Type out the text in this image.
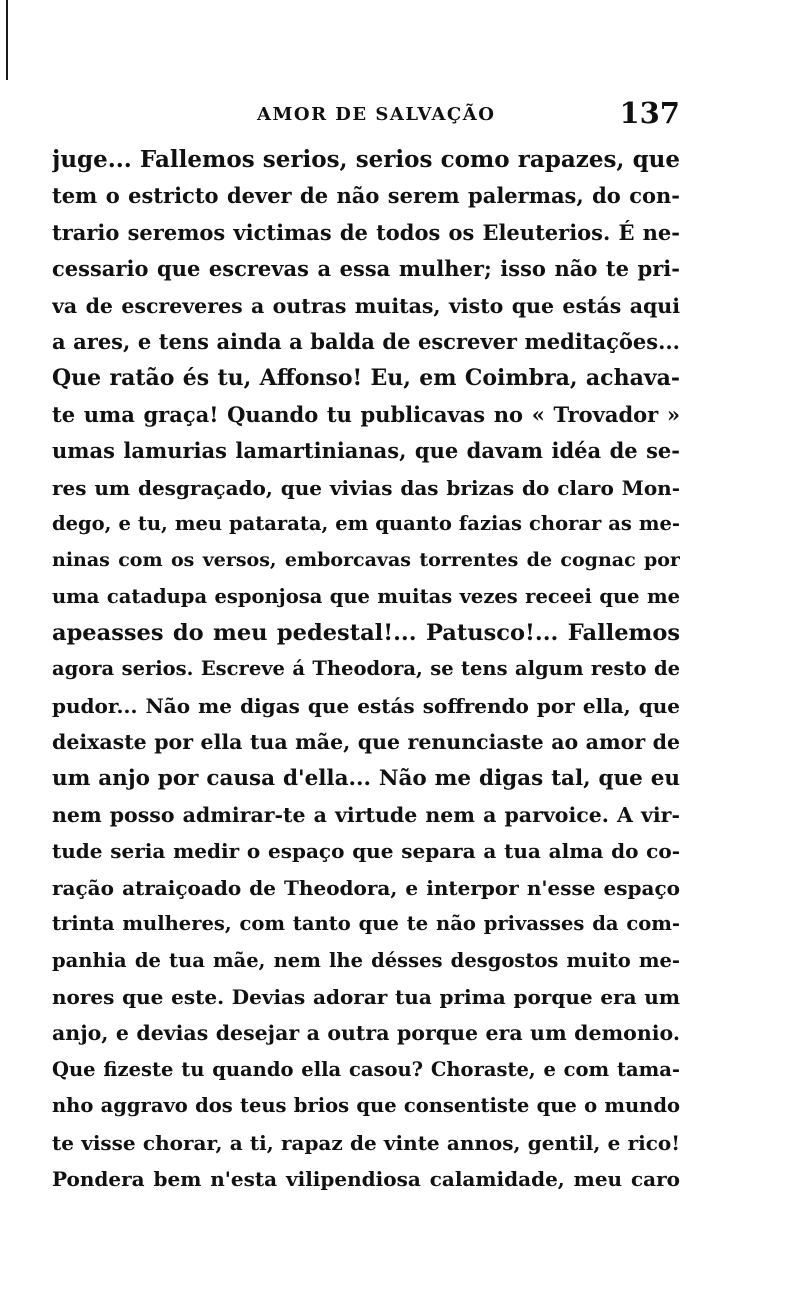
AMOR DE SALVAÇÃO	137
juge... Fallemos serios, serios como rapazes, que
tem o estricto dever de não serem palermas, do con-
trario seremos victimas de todos os Eleuterios. É ne-
cessario que escrevas a essa mulher; isso não te pri-
va de escreveres a outras muitas, visto que estás aqui
a ares, e tens ainda a balda de escrever meditações...
Que ratão és tu, Affonso! Eu, em Coimbra, achava-
te uma graça! Quando tu publicavas no « Trovador »
umas lamurias lamartinianas, que davam idéa de se-
res um desgraçado, que vivias das brizas do claro Mon-
dego, e tu, meu patarata, em quanto fazias chorar as me-
ninas com os versos, emborcavas torrentes de cognac por
uma catadupa esponjosa que muitas vezes receei que me
apeasses do meu pedestal!... Patusco!... Fallemos
agora serios. Escreve á Theodora, se tens algum resto de
pudor... Não me digas que estás soffrendo por ella, que
deixaste por ella tua mãe, que renunciaste ao amor de
um anjo por causa d'ella... Não me digas tal, que eu
nem posso admirar-te a virtude nem a parvoice. A vir-
tude seria medir o espaço que separa a tua alma do co-
ração atraiçoado de Theodora, e interpor n'esse espaço
trinta mulheres, com tanto que te não privasses da com-
panhia de tua mãe, nem lhe désses desgostos muito me-
nores que este. Devias adorar tua prima porque era um
anjo, e devias desejar a outra porque era um demonio.
Que fizeste tu quando ella casou? Choraste, e com tama-
nho aggravo dos teus brios que consentiste que o mundo
te visse chorar, a ti, rapaz de vinte annos, gentil, e rico!
Pondera bem n'esta vilipendiosa calamidade, meu caro
